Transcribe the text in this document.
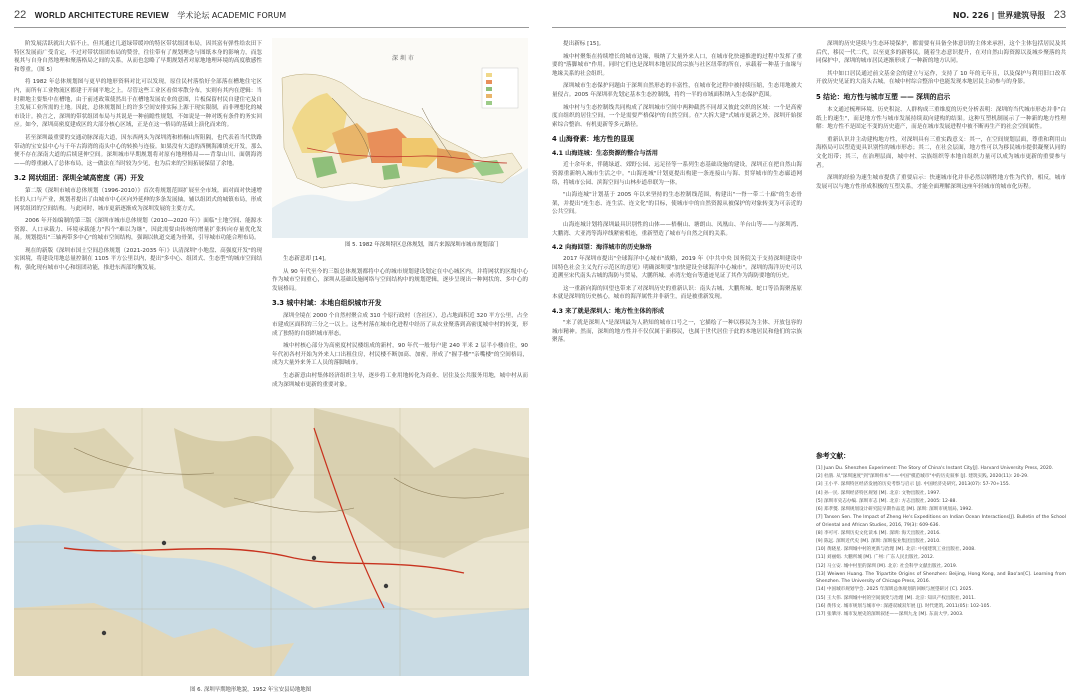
22 WORLD ARCHITECTURE REVIEW 学术论坛 ACADEMIC FORUM	NO. 226 | 世界建筑导报 23

阶发展活跃就出大佰不止，但其通过几道绿带缓冲的特区带状组团布局，因其富有弹性给农田下特区发展而广受肯定，不过对带状组团布局的赞誉，往往带有了规划理念与图纸本身的影响力，而忽视其与自身自然地理和聚落格局之间的关系，从而也忽略了早期规划者对原地地理环境的高度敏感性和尊重。（图 5）

将 1982 年总体规划图与更早的地形资料对比可以发现，原住民村落恰好全部落在槽地住宅区内，而所有工业物流区都建于开阔平地之上。尽管这些工业区看似零散分布，实则有其内在逻辑：当时耕地主要集中在槽地，由于前述政策使然出于在槽地发展农业的意图，片板保留村民自建住宅及自主发展工业所需的土地。因此，总体规划图上的许多空间安排实际上源于现实限制，而非理想化的城市设计。换言之，深圳的带状组团布局与其说是一种前瞻性规划，不如说是一种对既有条件的务实回应。如今，深圳高密度建成区的大部分核心区域，正是在这一格局的基础上演化而来的。

甚至深圳最重要的交通动脉深南大道，因东西两头为深圳湾和梧桐山所阻隔，也代表着当代铁路带动的宝安县中心与千年古海湾的南头中心的转换与连接。如果没有大道的西侧海滩填充开发，那么便不存在深南大道的后续延伸空间。深圳城市早期规划将对原有地理格局——背靠山川、面朝海湾——的尊重融入了总体布局，这一做法在当时较为少见，也为后来的空间拓展保留了余地。

3.2 网状组团：深圳全域高密度（再）开发

第二版《深圳市城市总体规划（1996-2010）》首次将规划范围扩展至全市域。面对面对快速增长的人口与产业，规划者提出了由城市中心区向外延伸的多条发展轴，辅以组团式的城镇布局，形成网状组团的空间结构。与此同时，城市更新逐渐成为深圳发展的主要方式。

2006 年开始编制的第三版《深圳市城市总体规划（2010—2020 年）》面临"土地空间、能源水资源、人口承载力、环境承载能力"四个"难以为继"，因此需要由传统的增量扩张转向存量优化发展。规划提出"三轴两带多中心"的城市空间结构，强调以轨道交通为骨架，引导城市功能合理布局。

现在的新版《深圳市国土空间总体规划（2021-2035 年）》认清深圳"小地盘、高强度开发"的现实困境，将建设用地总量控制在 1105 平方公里以内，提出"多中心、组团式、生态型"的城市空间结构，强化现有城市中心和组团功能，推进东西部均衡发展。

深 圳 市
图 5. 1982 年深圳特区总体规划，图片来源深圳市城市规划部门

生态新意却 [14]。

从 90 年代至今的三版总体规划都将中心的城市规划建设划定在中心城区内，并将网状的区级中心作为城市空间重心，深圳从基础设施网络与空间结构中的规划逻辑，逐步呈现出一种网状的、多中心的发展格局。

3.3 城中村域：本地自组织城市开发

深圳全境在 2000 个自然村聚合成 310 个原行政村（含社区），总占地面积近 320 平方公里，占全市建成区面积的三分之一以上。这些村落在城市化进程中经历了从农业聚落到高密度城中村的转变，形成了独特的自组织城市形态。

城中村核心部分为高密度村民楼组成的新村，90 年代一般每户建 240 平米 2 层半小楼自住，90 年代初各村开始为外来人口出租住房，村民楼不断加高、加密，形成了"握手楼""亲嘴楼"的空间格局，成为大量外来务工人员的落脚城市。

生态新意由村集体经济组织主导，逐步将工业用地转化为商业、居住及公共服务用地，城中村从而成为深圳城市更新的重要对象。

图 6. 深圳早期地形地貌，1952 年宝安县局地地图

提出新标 [15]。

城中村聚集在持续增长的城市边缘，吸纳了大量外来人口，在城市化快速推进的过程中发挥了重要的"落脚城市"作用。同时它们也是深圳本地居民的宗族与社区纽带的所在，承载着一种基于血缘与地缘关系的社会组织。

深圳城市生态保护问题由于深圳自然形态的丰富性，在城市化过程中被持续压缩，生态用地被大量侵占。2005 年深圳率先划定基本生态控制线，将约一半的市域面积纳入生态保护范围。

城中村与生态控制线共同构成了深圳城市空间中两种截然不同却又彼此交织的区域：一个是高密度自组织的居住空间，一个是需要严格保护的自然空间。在"大拆大建"式城市更新之外，深圳开始探索综合整治、有机更新等多元路径。

4 山海脊素：地方性的显现
4.1 山海连城：生态资源的整合与活用

近十余年来，伴随绿道、郊野公园、远足径等一系列生态基础设施的建设，深圳正在把自然山海资源重新纳入城市生活之中。"山海连城"计划更提出构建一条连接山与海、贯穿城市的生态廊道网络，将城市公园、滨海空间与山林步道串联为一体。

"山海连城"计划基于 2005 年以来坚持的生态控制线范围，构建出"一脊一带二十廊"的生态骨架，并提出"连生态、连生活、连文化"的目标，使城市中的自然资源从被保护的对象转变为可亲近的公共空间。

山海连城计划将深圳最具识别性的山体——梧桐山、塘朗山、凤凰山、羊台山等——与深圳湾、大鹏湾、大亚湾等海岸线紧密相连，重新塑造了城市与自然之间的关系。

4.2 向海回望：海洋城市的历史脉络

2017 年深圳市提出"全球海洋中心城市"战略，2019 年《中共中央 国务院关于支持深圳建设中国特色社会主义先行示范区的意见》明确深圳要"加快建设全球海洋中心城市"。深圳的海洋历史可以追溯至宋代南头古城的海防与贸易，大鹏所城、赤湾左炮台等遗迹见证了其作为海防要地的历史。

这一重新向海的回望也带来了对深圳历史的重新认识：南头古城、大鹏所城、蛇口等沿海聚落原本就是深圳的历史核心，城市的海洋属性并非新生，而是被重新发现。

4.3 来了就是深圳人：地方性主体的形成

"来了就是深圳人"是深圳最为人熟知的城市口号之一，它描绘了一种以移民为主体、开放包容的城市精神。然而，深圳的地方性并不仅仅属于新移民，也属于世代居住于此的本地居民和他们的宗族聚落。

深圳的历史延续与生态环境保护，都需要有具备全体意识的主体来承担，这个主体包括居民及其后代，移民一代二代，以至更多的新移民。随着生态意识提升，在对自然山海资源以及城乡聚落的共同保护中，深圳的城市居民逐渐形成了一种新的地方认同。

其中如口居民通过前文基金会的建立与运作，支持了 10 年的无年且，以及保护与利用旧口改革开放历史见证的大南头古城，在城中村综合整治中也能发现本地居民主动参与的身影。

5 结论：地方性与城市互塑 —— 深圳的启示

本文通过梳理环境、历史积淀、人群构成三重维度的历史分析表明：深圳的当代城市形态并非"白纸上的速生"，而是地方性与城市发展持续双向建构的结果。这种互塑机制展示了一种新的地方性理解：地方性不是固定不变的历史遗产，而是在城市发展进程中被不断再生产的社会空间属性。

重新认识并主动建构地方性，对深圳具有三重实践意义：其一，在空间规划层面，尊重和利用山海格局可以塑造更具识别性的城市形态；其二，在社会层面，地方性可以为移民城市提供凝聚认同的文化纽带；其三，在治理层面，城中村、宗族组织等本地自组织力量可以成为城市更新的重要参与者。

深圳的经验为速生城市提供了重要启示：快速城市化并非必然以牺牲地方性为代价，相反，城市发展可以与地方性形成积极的互塑关系，才能全面理解深圳这座年轻城市的城市化历程。

参考文献：
[1] Juan Du. Shenzhen Experiment: The Story of China's Instant City[J]. Harvard University Press, 2020.
[2] 杜鹃. 从"深圳速度"到"深圳样本"——中国"模范城市"中的历史叙事 [J]. 建筑实践, 2020(11): 20-29.
[3] 王小平. 深圳特区经济发展的历史考察与启示 [J]. 中国经济史研究, 2013(07): 57-70+155.
[4] 孙一民. 深圳经济特区规划 [M]. 北京: 文物出版社, 1997.
[5] 深圳市史志办编. 深圳市志 [M]. 北京: 方志出版社, 2005: 12-88.
[6] 郑孝燮. 深圳规划设计研究院早期作品选 [M]. 深圳: 深圳市规划局, 1992.
[7] Tansen Sen. The Impact of Zheng He's Expeditions on Indian Ocean Interactions[J]. Bulletin of the School of Oriental and African Studies, 2016, 79(3): 609-636.
[8] 李可可. 深圳历史文化读本 [M]. 深圳: 海天出版社, 2016.
[9] 陈远. 深圳近代史 [M]. 深圳: 深圳报业集团出版社, 2010.
[10] 黄晓星. 深圳城中村的更新与治理 [M]. 北京: 中国建筑工业出版社, 2008.
[11] 刘丽娟. 大鹏所城 [M]. 广州: 广东人民出版社, 2012.
[12] 马立安. 城中村里的深圳 [M]. 北京: 社会科学文献出版社, 2019.
[13] Weiwen Huang. The Tripartite Origins of Shenzhen: Beijing, Hong Kong, and Bao'an[C]. Learning from Shenzhen. The University of Chicago Press, 2016.
[14] 中国城市规划学会. 2025 年深圳总体规划的回顾与展望研讨 [C]. 2025.
[15] 王大伟. 深圳城中村的空间演变与治理 [M]. 北京: 知识产权出版社, 2011.
[16] 黄伟文. 城市规划与城市中: 深港双城双年展 [J]. 时代建筑, 2011(05): 102-105.
[17] 张肇浔. 城市发展史的深圳叙述——深圳九龙 [M]. 东南大学, 2003.
